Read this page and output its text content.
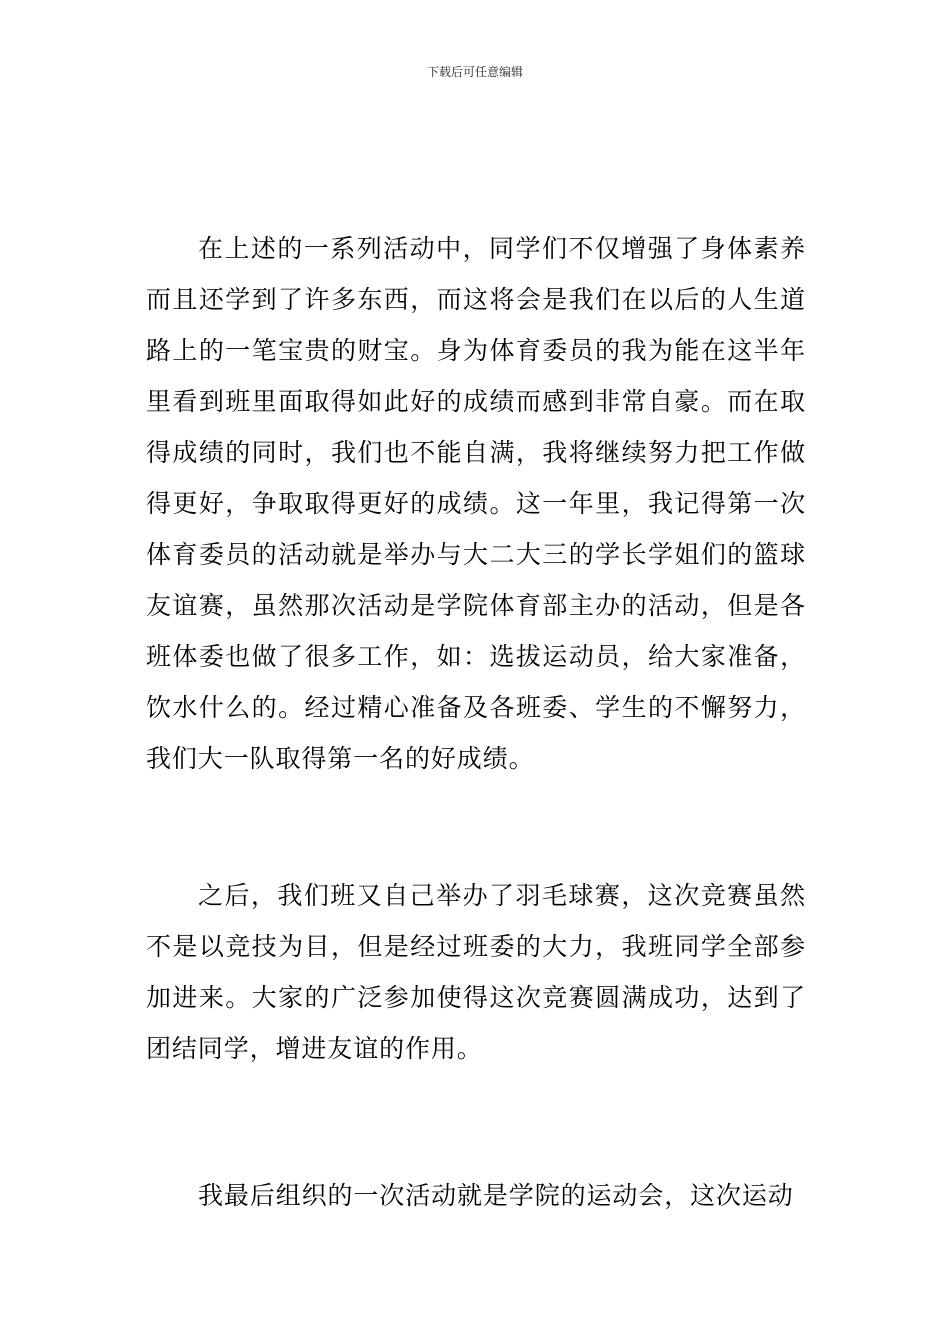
下载后可任意编辑

在上述的一系列活动中，同学们不仅增强了身体素养而且还学到了许多东西，而这将会是我们在以后的人生道路上的一笔宝贵的财宝。身为体育委员的我为能在这半年里看到班里面取得如此好的成绩而感到非常自豪。而在取得成绩的同时，我们也不能自满，我将继续努力把工作做得更好，争取取得更好的成绩。这一年里，我记得第一次体育委员的活动就是举办与大二大三的学长学姐们的篮球友谊赛，虽然那次活动是学院体育部主办的活动，但是各班体委也做了很多工作，如：选拔运动员，给大家准备，饮水什么的。经过精心准备及各班委、学生的不懈努力，我们大一队取得第一名的好成绩。

之后，我们班又自己举办了羽毛球赛，这次竞赛虽然不是以竞技为目，但是经过班委的大力，我班同学全部参加进来。大家的广泛参加使得这次竞赛圆满成功，达到了团结同学，增进友谊的作用。

我最后组织的一次活动就是学院的运动会，这次运动
